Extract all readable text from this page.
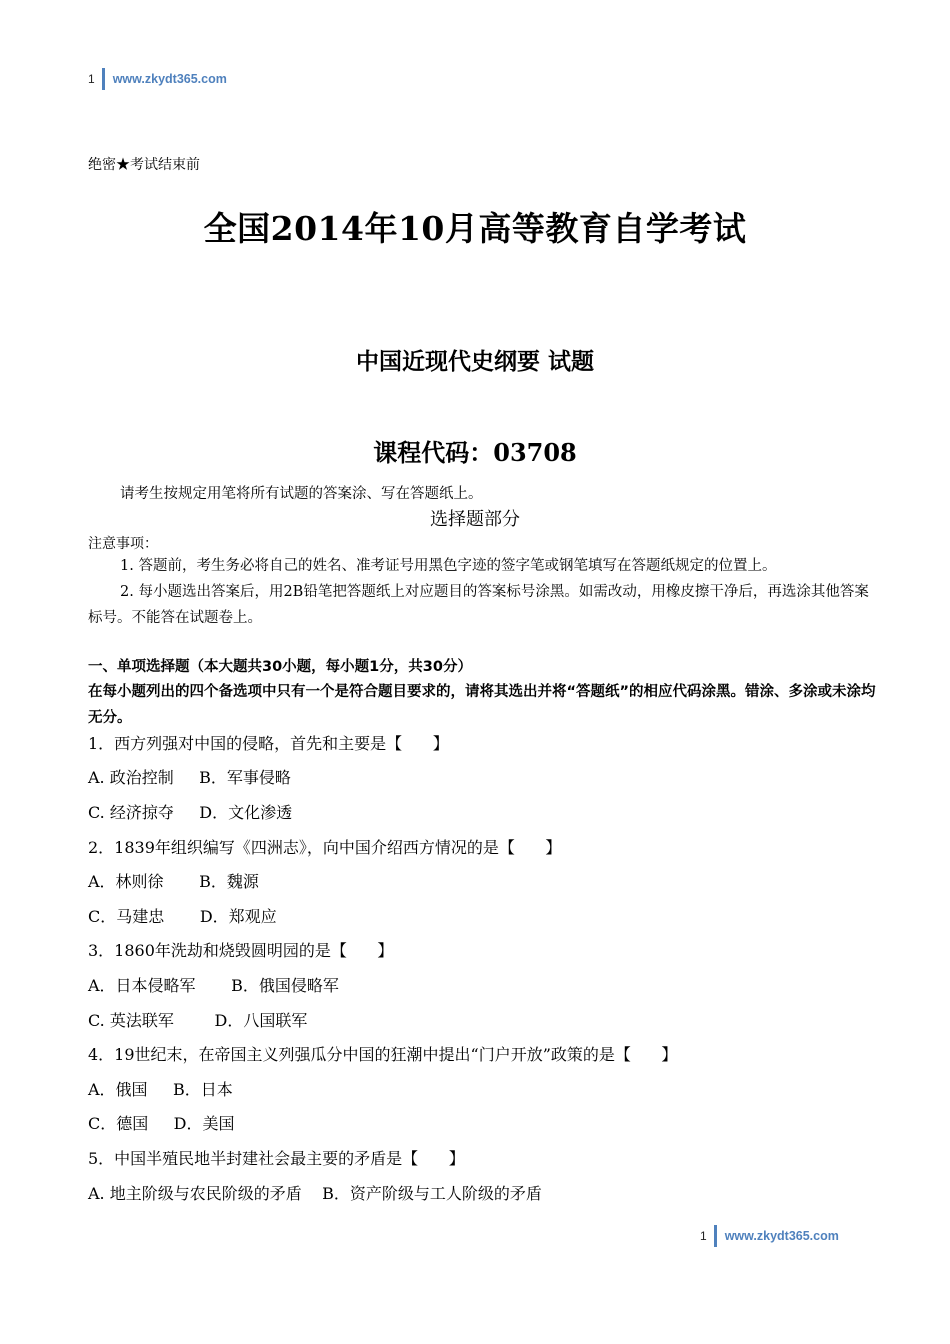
1 www.zkydt365.com
绝密★考试结束前
全国2014年10月高等教育自学考试
中国近现代史纲要 试题
课程代码：03708
请考生按规定用笔将所有试题的答案涂、写在答题纸上。
选择题部分
注意事项：
1. 答题前，考生务必将自己的姓名、准考证号用黑色字迹的签字笔或钢笔填写在答题纸规定的位置上。
2. 每小题选出答案后，用2B铅笔把答题纸上对应题目的答案标号涂黑。如需改动，用橡皮擦干净后，再选涂其他答案标号。不能答在试题卷上。
一、单项选择题（本大题共30小题，每小题1分，共30分）
在每小题列出的四个备选项中只有一个是符合题目要求的，请将其选出并将“答题纸”的相应代码涂黑。错涂、多涂或未涂均无分。
1．西方列强对中国的侵略，首先和主要是【      】
A. 政治控制     B．军事侵略
C. 经济掠夺     D．文化渗透
2．1839年组织编写《四洲志》，向中国介绍西方情况的是【      】
A．林则徐       B．魏源
C．马建忠       D．郑观应
3．1860年洗劫和烧毁圆明园的是【      】
A．日本侵略军       B．俄国侵略军
C. 英法联军        D．八国联军
4．19世纪末，在帝国主义列强瓜分中国的狂潮中提出“门户开放”政策的是【      】
A．俄国     B．日本
C．德国     D．美国
5．中国半殖民地半封建社会最主要的矛盾是【      】
A. 地主阶级与农民阶级的矛盾    B．资产阶级与工人阶级的矛盾
1 www.zkydt365.com
